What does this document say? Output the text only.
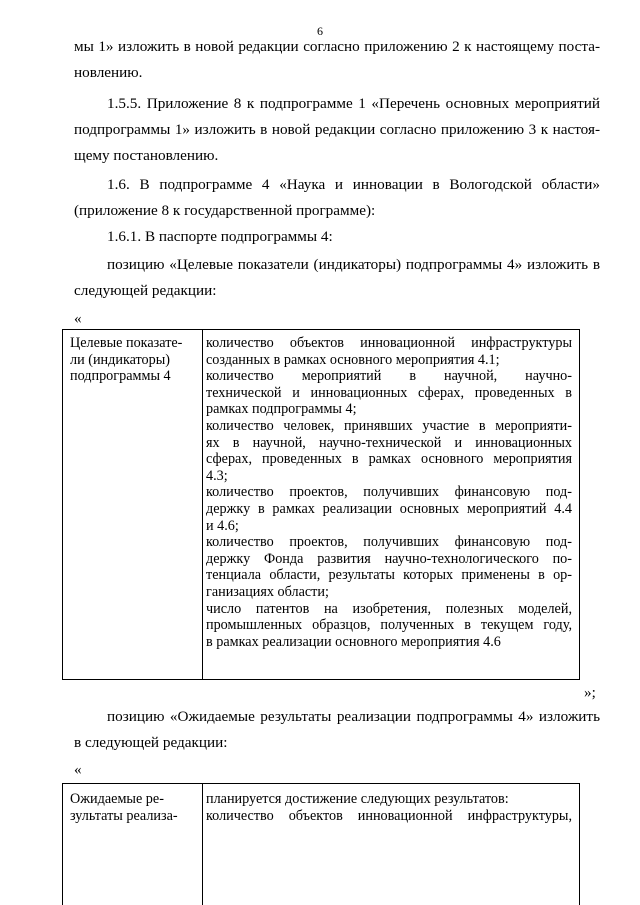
6
мы 1» изложить в новой редакции согласно приложению 2 к настоящему поста-
новлению.
1.5.5. Приложение 8 к подпрограмме 1 «Перечень основных мероприятий
подпрограммы 1» изложить в новой редакции согласно приложению 3 к настоя-
щему постановлению.
1.6. В подпрограмме 4 «Наука и инновации в Вологодской области»
(приложение 8 к государственной программе):
1.6.1. В паспорте подпрограммы 4:
позицию «Целевые показатели (индикаторы) подпрограммы 4» изложить в
следующей редакции:
«
Целевые показате-
ли (индикаторы)
подпрограммы 4
количество объектов инновационной инфраструктуры
созданных в рамках основного мероприятия 4.1;
количество мероприятий в научной, научно-
технической и инновационных сферах, проведенных в
рамках подпрограммы 4;
количество человек, принявших участие в мероприяти-
ях в научной, научно-технической и инновационных
сферах, проведенных в рамках основного мероприятия
4.3;
количество проектов, получивших финансовую под-
держку в рамках реализации основных мероприятий 4.4
и 4.6;
количество проектов, получивших финансовую под-
держку Фонда развития научно-технологического по-
тенциала области, результаты которых применены в ор-
ганизациях области;
число патентов на изобретения, полезных моделей,
промышленных образцов, полученных в текущем году,
в рамках реализации основного мероприятия 4.6
»;
позицию «Ожидаемые результаты реализации подпрограммы 4» изложить
в следующей редакции:
«
Ожидаемые ре-
зультаты реализа-
планируется достижение следующих результатов:
количество объектов инновационной инфраструктуры,
